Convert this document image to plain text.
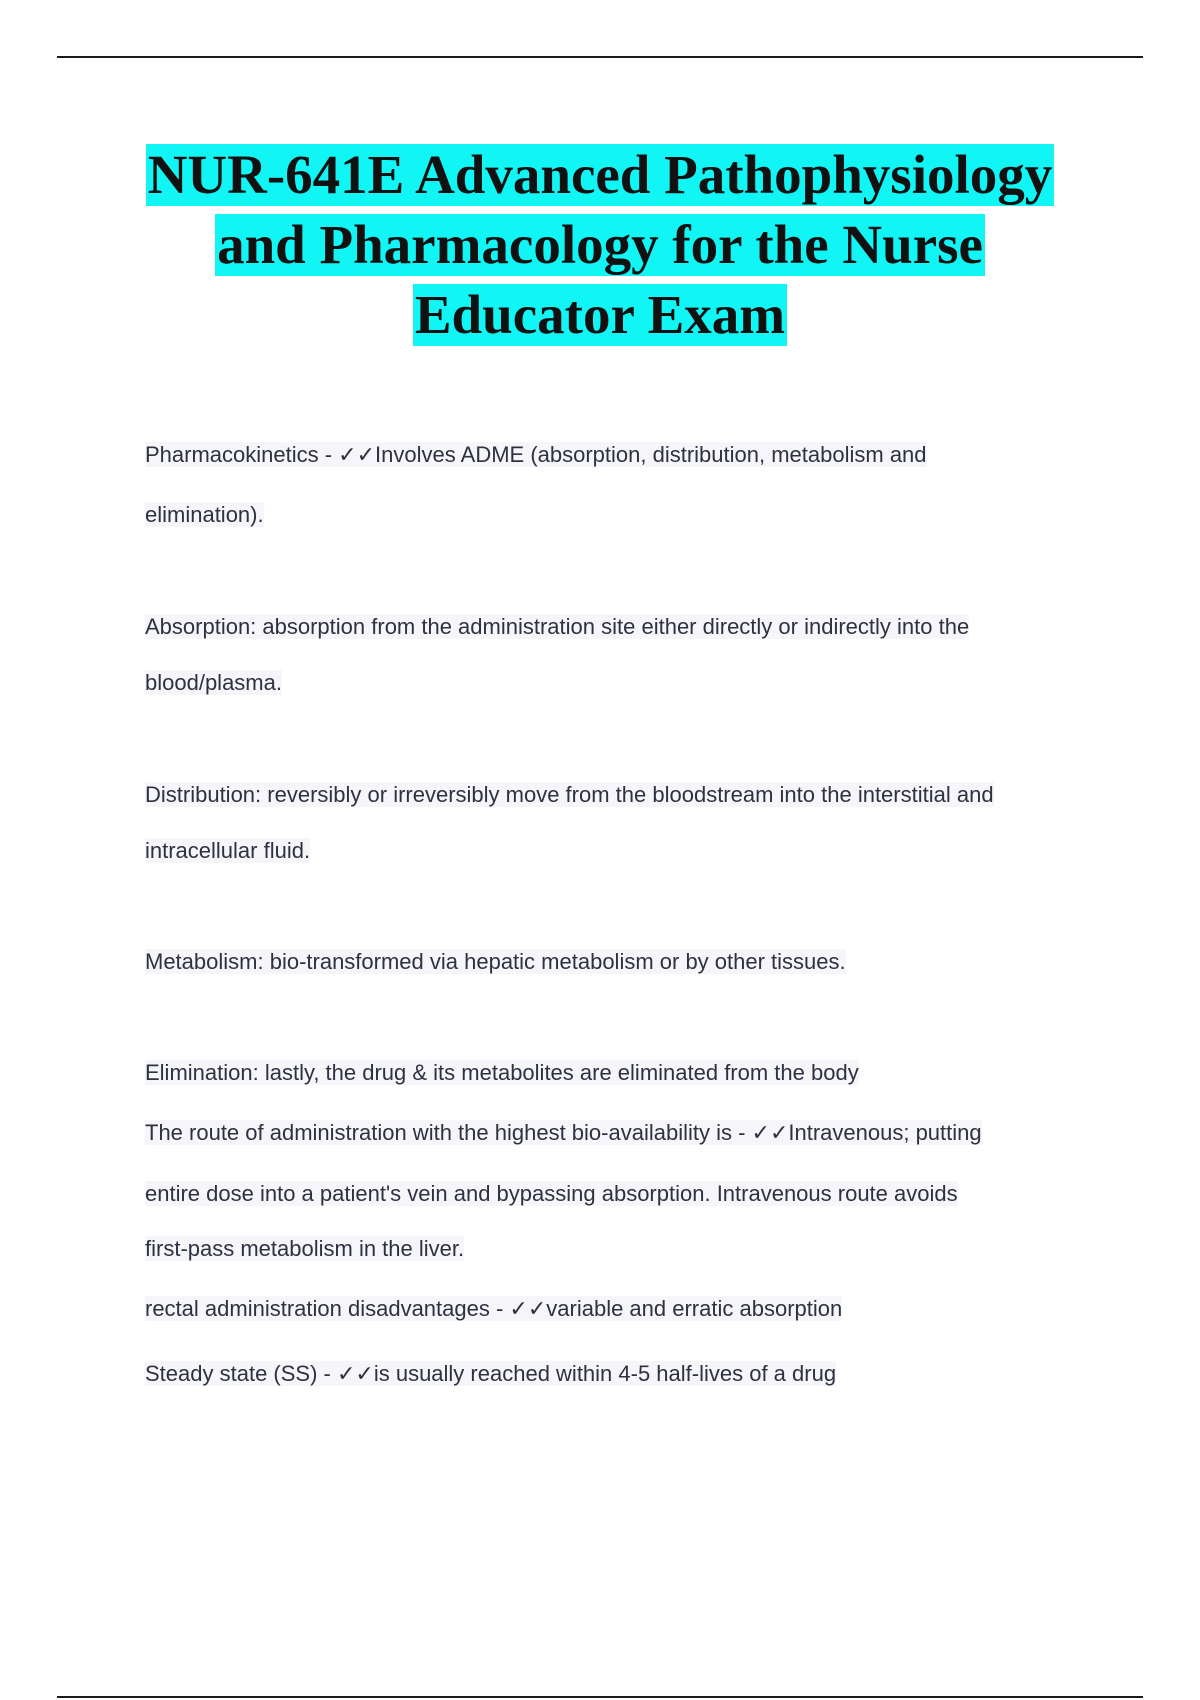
NUR-641E Advanced Pathophysiology
and Pharmacology for the Nurse
Educator Exam

Pharmacokinetics - ✓✓Involves ADME (absorption, distribution, metabolism and

elimination).

Absorption: absorption from the administration site either directly or indirectly into the

blood/plasma.

Distribution: reversibly or irreversibly move from the bloodstream into the interstitial and

intracellular fluid.

Metabolism: bio-transformed via hepatic metabolism or by other tissues.

Elimination: lastly, the drug & its metabolites are eliminated from the body

The route of administration with the highest bio-availability is - ✓✓Intravenous; putting

entire dose into a patient's vein and bypassing absorption. Intravenous route avoids

first-pass metabolism in the liver.

rectal administration disadvantages - ✓✓variable and erratic absorption

Steady state (SS) - ✓✓is usually reached within 4-5 half-lives of a drug
